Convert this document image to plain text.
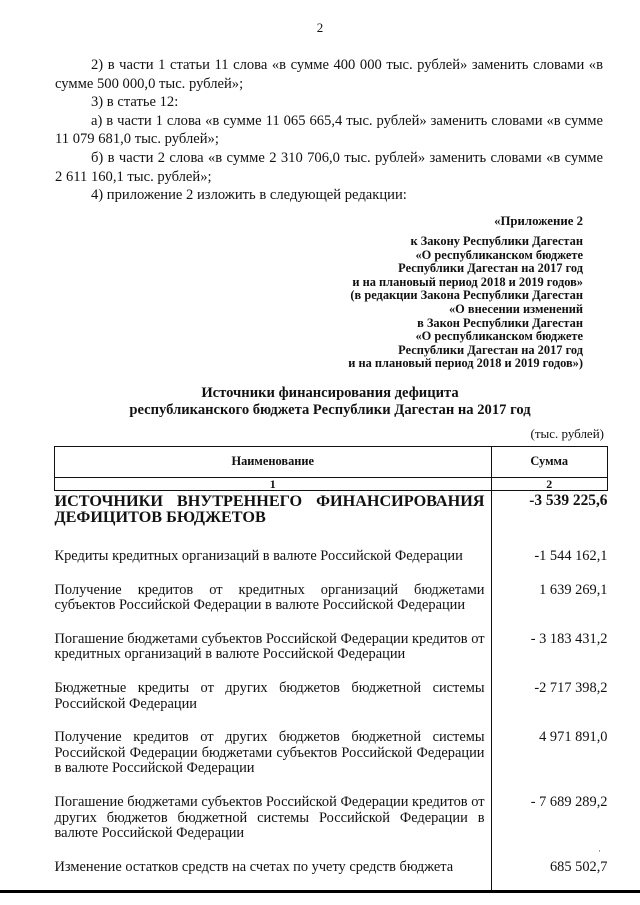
2

2) в части 1 статьи 11 слова «в сумме 400 000 тыс. рублей» заменить словами «в сумме 500 000,0 тыс. рублей»;

3) в статье 12:

а) в части 1 слова «в сумме 11 065 665,4 тыс. рублей» заменить словами «в сумме 11 079 681,0 тыс. рублей»;

б) в части 2 слова «в сумме 2 310 706,0 тыс. рублей» заменить словами «в сумме 2 611 160,1 тыс. рублей»;

4) приложение 2 изложить в следующей редакции:

«Приложение 2
к Закону Республики Дагестан
«О республиканском бюджете
Республики Дагестан на 2017 год
и на плановый период 2018 и 2019 годов»
(в редакции Закона Республики Дагестан
«О внесении изменений
в Закон Республики Дагестан
«О республиканском бюджете
Республики Дагестан на 2017 год
и на плановый период 2018 и 2019 годов»)
Источники финансирования дефицита
республиканского бюджета Республики Дагестан на 2017 год
(тыс. рублей)
Наименование	Сумма
1	2
ИСТОЧНИКИ ВНУТРЕННЕГО ФИНАНСИРОВАНИЯ ДЕФИЦИТОВ БЮДЖЕТОВ	-3 539 225,6
Кредиты кредитных организаций в валюте Российской Федерации	-1 544 162,1
Получение кредитов от кредитных организаций бюджетами субъектов Российской Федерации в валюте Российской Федерации	1 639 269,1
Погашение бюджетами субъектов Российской Федерации кредитов от кредитных организаций в валюте Российской Федерации	- 3 183 431,2
Бюджетные кредиты от других бюджетов бюджетной системы Российской Федерации	-2 717 398,2
Получение кредитов от других бюджетов бюджетной системы Российской Федерации бюджетами субъектов Российской Федерации в валюте Российской Федерации	4 971 891,0
Погашение бюджетами субъектов Российской Федерации кредитов от других бюджетов бюджетной системы Российской Федерации в валюте Российской Федерации	- 7 689 289,2
Изменение остатков средств на счетах по учету средств бюджета	685 502,7
·
